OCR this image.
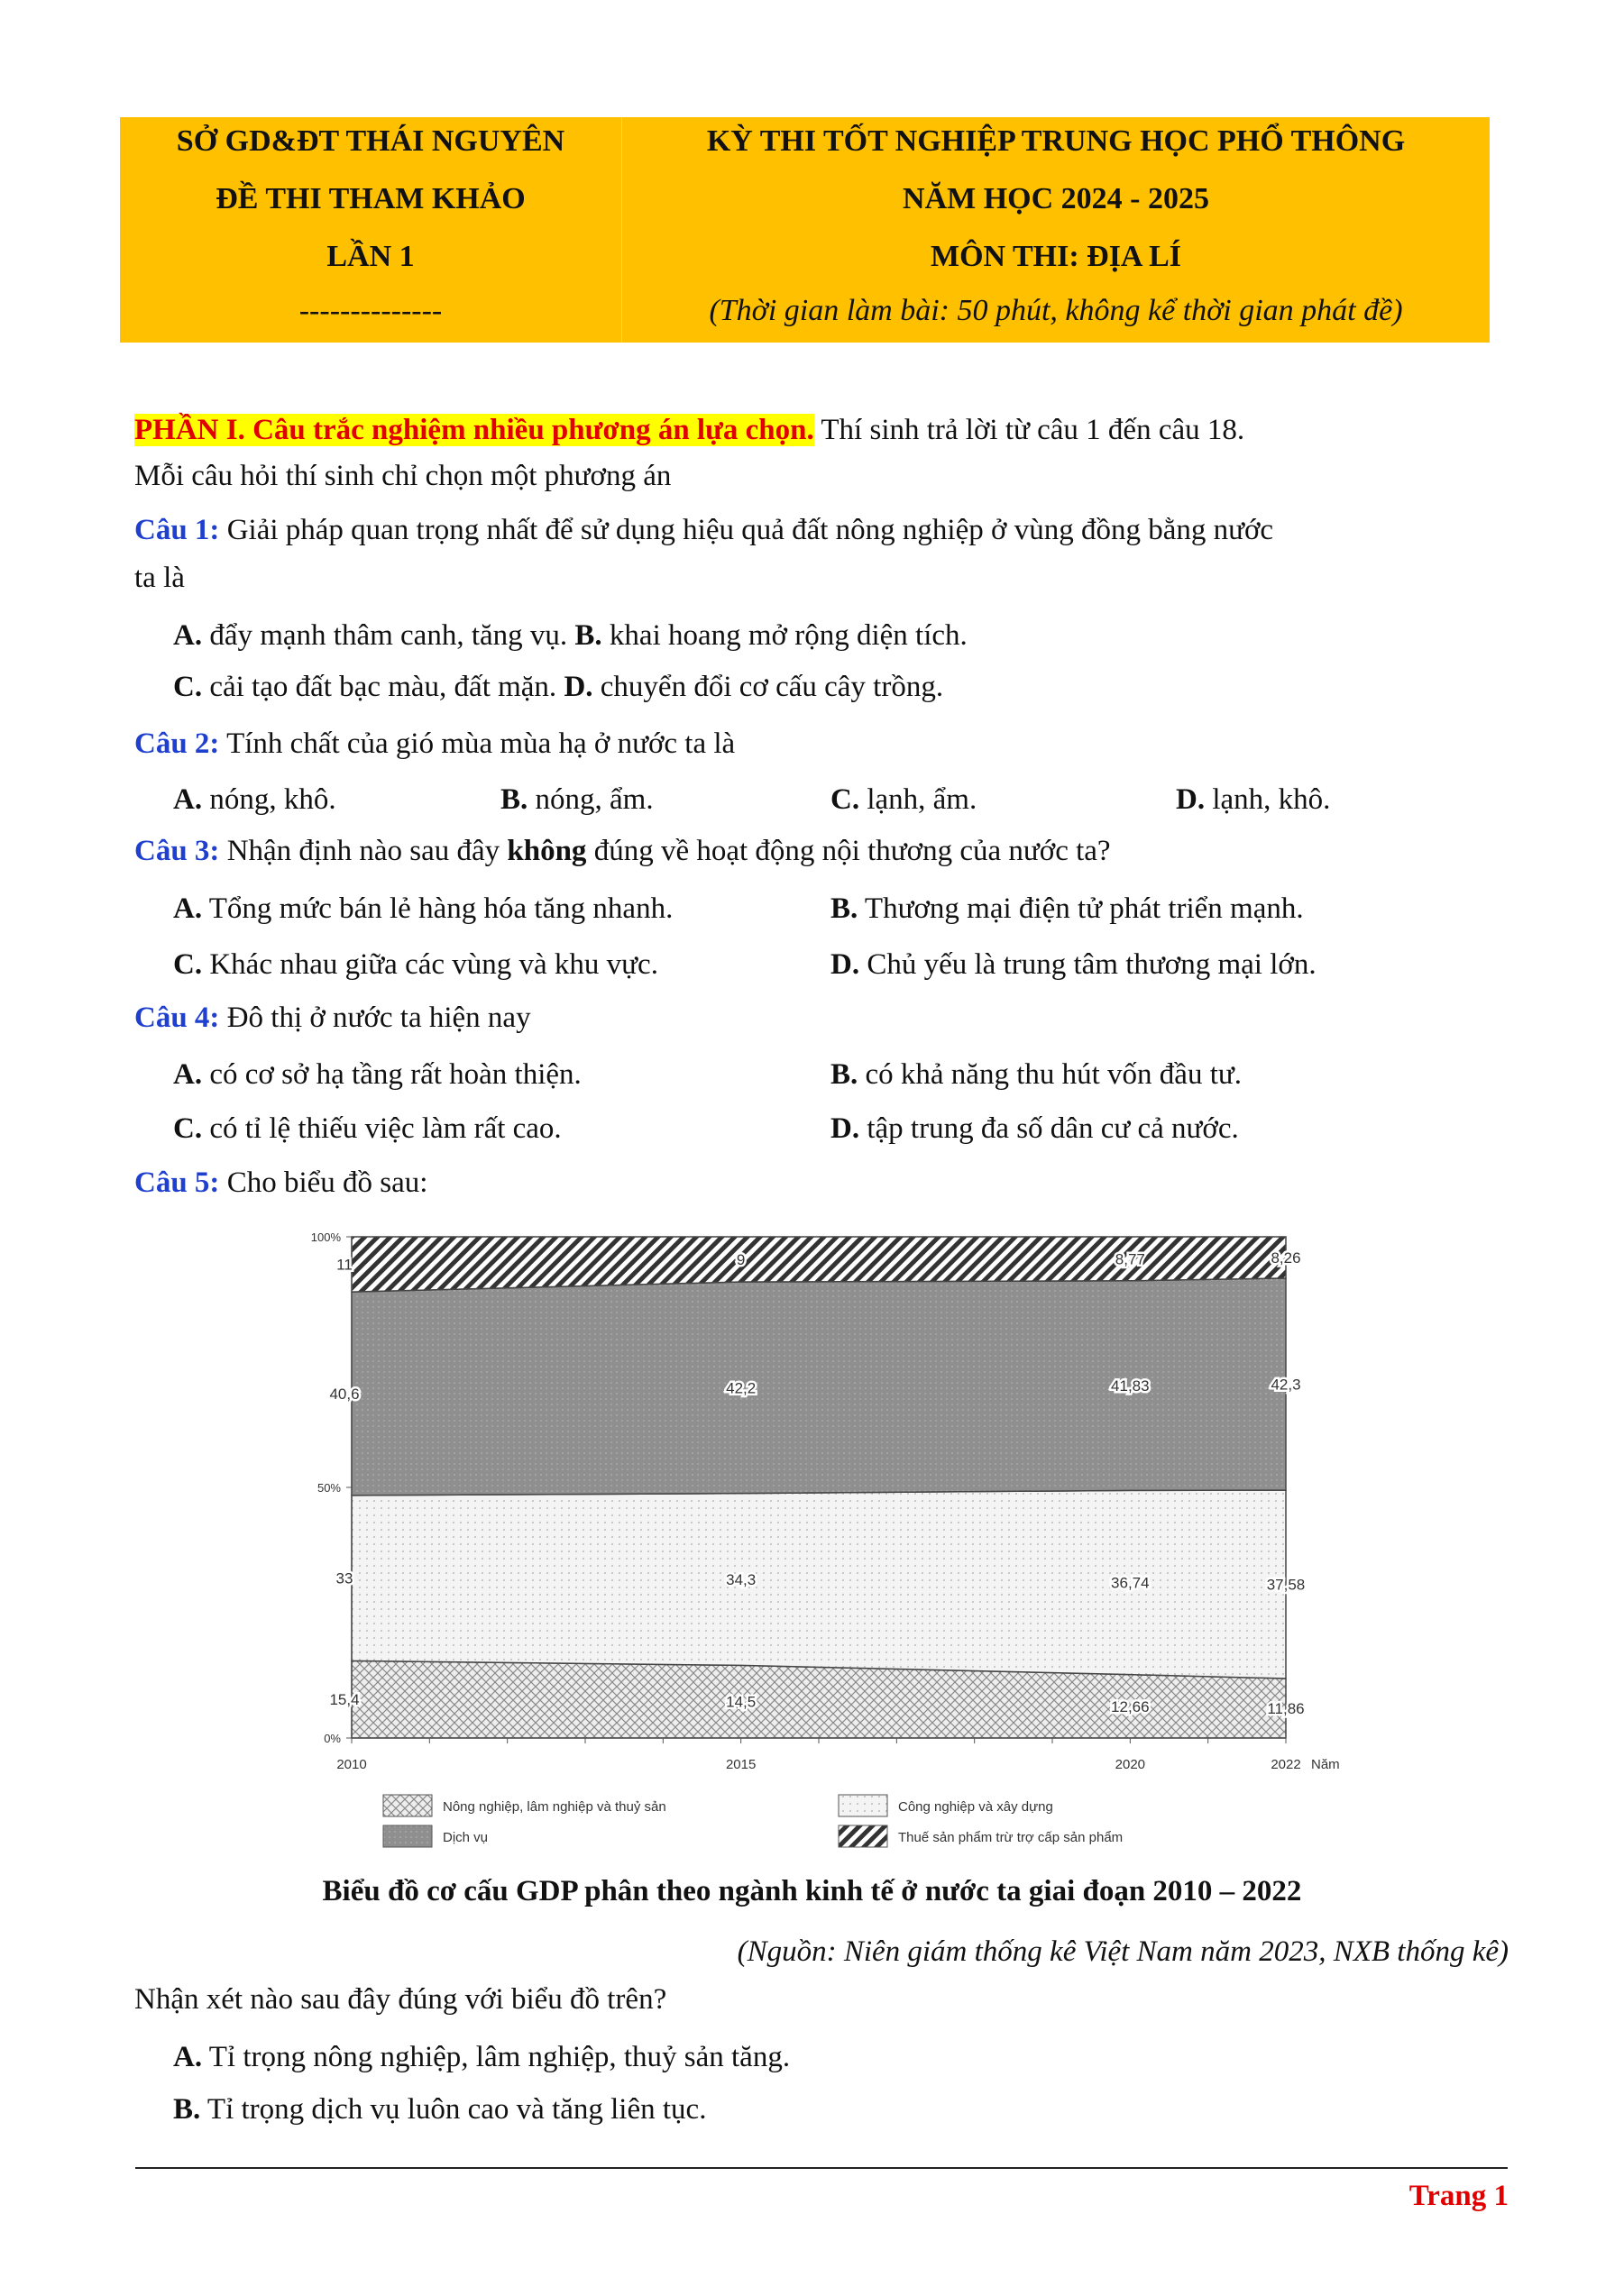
SỞ GD&ĐT THÁI NGUYÊN
ĐỀ THI THAM KHẢO
LẦN 1
--------------
KỲ THI TỐT NGHIỆP TRUNG HỌC PHỔ THÔNG
NĂM HỌC 2024 - 2025
MÔN THI: ĐỊA LÍ
(Thời gian làm bài: 50 phút, không kể thời gian phát đề)
PHẦN I. Câu trắc nghiệm nhiều phương án lựa chọn. Thí sinh trả lời từ câu 1 đến câu 18.
Mỗi câu hỏi thí sinh chỉ chọn một phương án
Câu 1: Giải pháp quan trọng nhất để sử dụng hiệu quả đất nông nghiệp ở vùng đồng bằng nước
ta là
A. đẩy mạnh thâm canh, tăng vụ. B. khai hoang mở rộng diện tích.
C. cải tạo đất bạc màu, đất mặn. D. chuyển đổi cơ cấu cây trồng.
Câu 2: Tính chất của gió mùa mùa hạ ở nước ta là
A. nóng, khô.	B. nóng, ẩm.	C. lạnh, ẩm.	D. lạnh, khô.
Câu 3: Nhận định nào sau đây không đúng về hoạt động nội thương của nước ta?
A. Tổng mức bán lẻ hàng hóa tăng nhanh.	B. Thương mại điện tử phát triển mạnh.
C. Khác nhau giữa các vùng và khu vực.	D. Chủ yếu là trung tâm thương mại lớn.
Câu 4: Đô thị ở nước ta hiện nay
A. có cơ sở hạ tầng rất hoàn thiện.	B. có khả năng thu hút vốn đầu tư.
C. có tỉ lệ thiếu việc làm rất cao.	D. tập trung đa số dân cư cả nước.
Câu 5: Cho biểu đồ sau:
0%
50%
100%
2010	2015	2020	2022 Năm
15,4	14,5	12,66	11,86
33	34,3	36,74	37,58
40,6	42,2	41,83	42,3
11	9	8,77	8,26
Nông nghiệp, lâm nghiệp và thuỷ sản
Dịch vụ
Công nghiệp và xây dựng
Thuế sản phẩm trừ trợ cấp sản phẩm
Biểu đồ cơ cấu GDP phân theo ngành kinh tế ở nước ta giai đoạn 2010 – 2022
(Nguồn: Niên giám thống kê Việt Nam năm 2023, NXB thống kê)
Nhận xét nào sau đây đúng với biểu đồ trên?
A. Tỉ trọng nông nghiệp, lâm nghiệp, thuỷ sản tăng.
B. Tỉ trọng dịch vụ luôn cao và tăng liên tục.
Trang 1
